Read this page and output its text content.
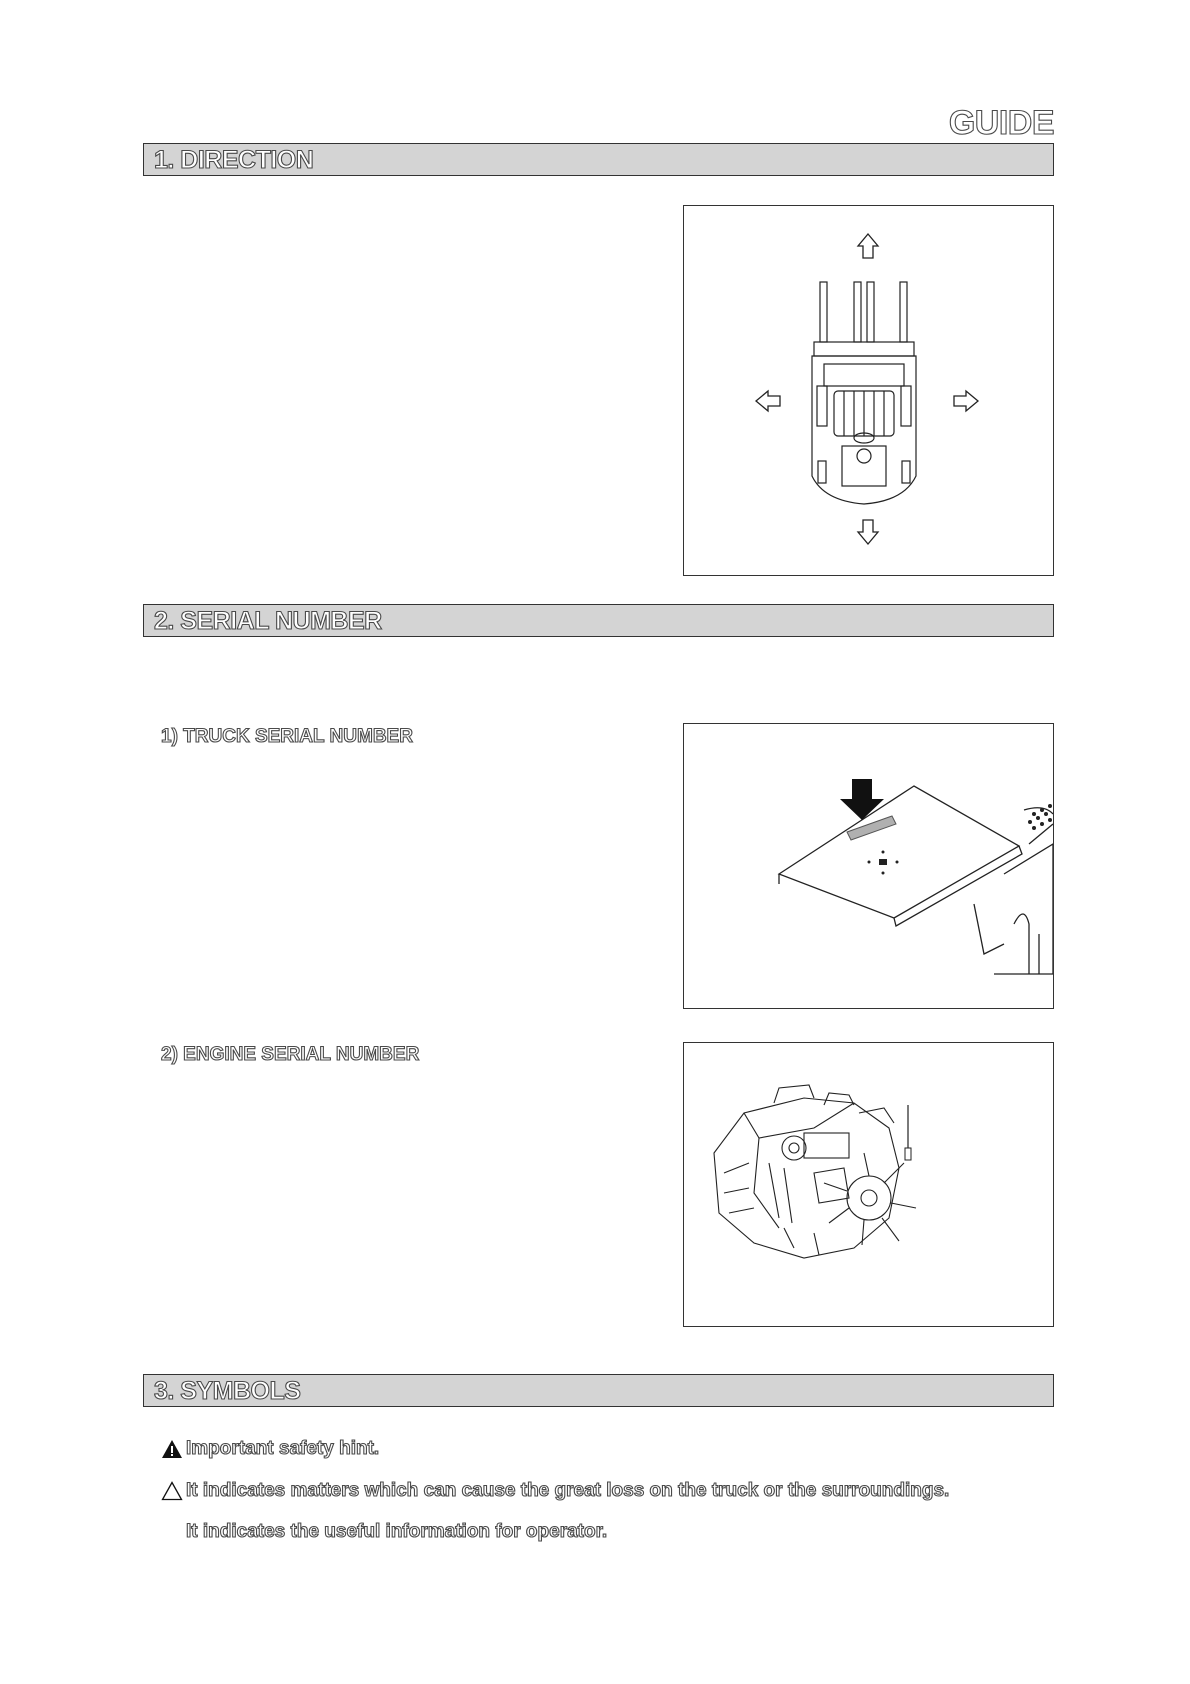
GUIDE
1. DIRECTION
2. SERIAL NUMBER
1) TRUCK SERIAL NUMBER
2) ENGINE SERIAL NUMBER
3. SYMBOLS
Important safety hint.
It indicates matters which can cause the great loss on the truck or the surroundings.
It indicates the useful information for operator.
